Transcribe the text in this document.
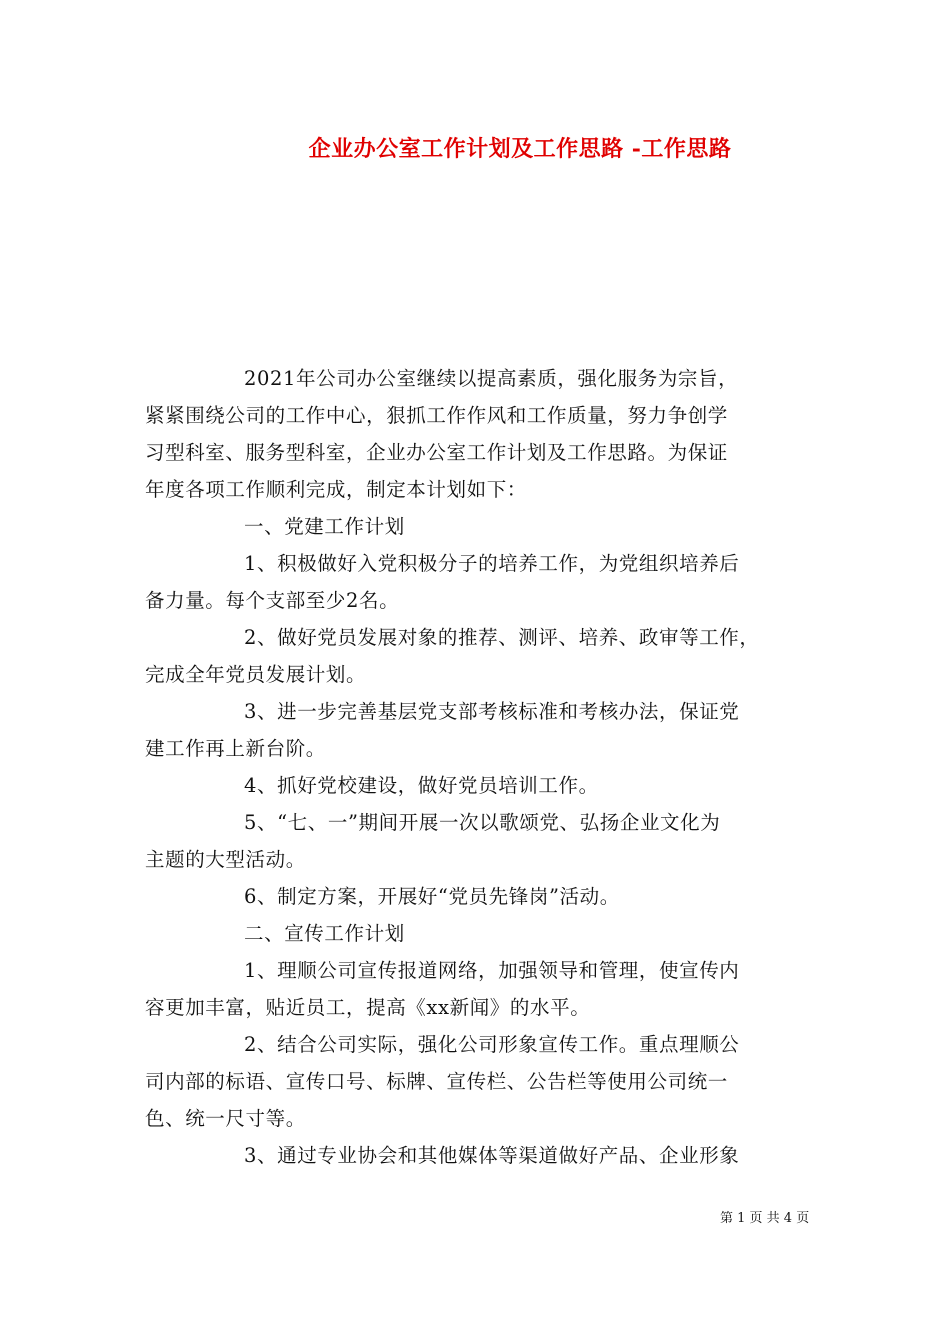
企业办公室工作计划及工作思路 -工作思路
2021年公司办公室继续以提高素质，强化服务为宗旨，
紧紧围绕公司的工作中心，狠抓工作作风和工作质量，努力争创学
习型科室、服务型科室，企业办公室工作计划及工作思路。为保证
年度各项工作顺利完成，制定本计划如下：
一、党建工作计划
1、积极做好入党积极分子的培养工作，为党组织培养后
备力量。每个支部至少2名。
2、做好党员发展对象的推荐、测评、培养、政审等工作，
完成全年党员发展计划。
3、进一步完善基层党支部考核标准和考核办法，保证党
建工作再上新台阶。
4、抓好党校建设，做好党员培训工作。
5、“七、一”期间开展一次以歌颂党、弘扬企业文化为
主题的大型活动。
6、制定方案，开展好“党员先锋岗”活动。
二、宣传工作计划
1、理顺公司宣传报道网络，加强领导和管理，使宣传内
容更加丰富，贴近员工，提高《xx新闻》的水平。
2、结合公司实际，强化公司形象宣传工作。重点理顺公
司内部的标语、宣传口号、标牌、宣传栏、公告栏等使用公司统一
色、统一尺寸等。
3、通过专业协会和其他媒体等渠道做好产品、企业形象
第 1 页 共 4 页
